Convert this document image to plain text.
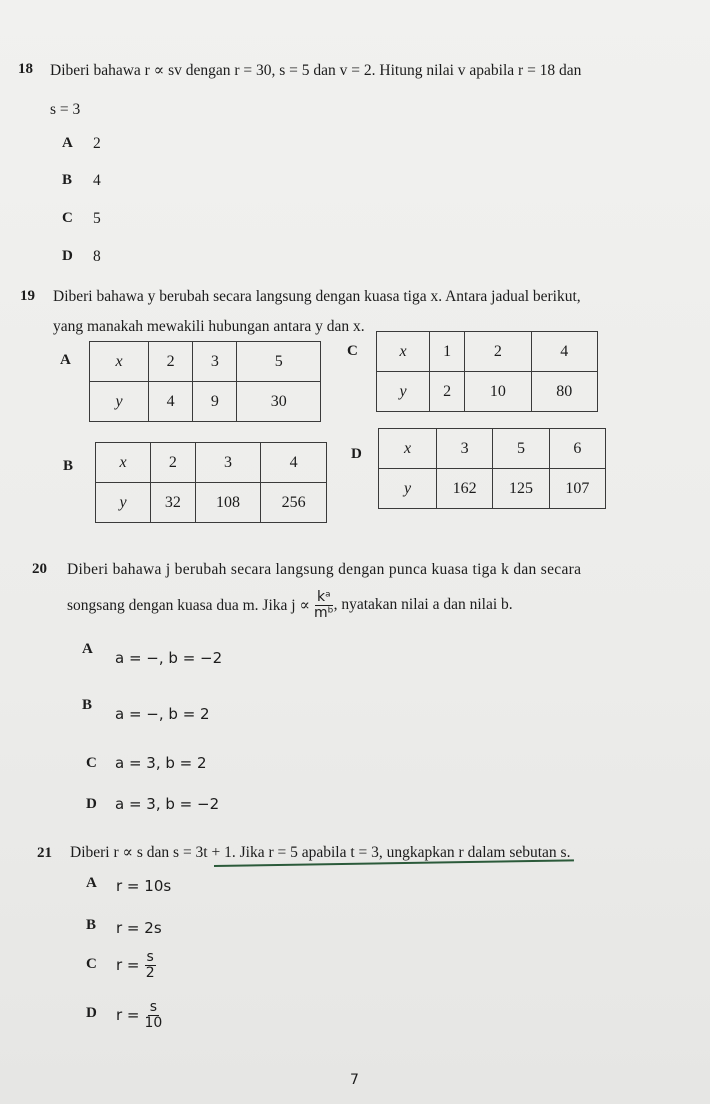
18 Diberi bahawa r ∝ sv dengan r = 30, s = 5 dan v = 2. Hitung nilai v apabila r = 18 dan
s = 3
A 2
B 4
C 5
D 8
19 Diberi bahawa y berubah secara langsung dengan kuasa tiga x. Antara jadual berikut,
yang manakah mewakili hubungan antara y dan x.
A	x	2	3	5
y	4	9	30
C	x	1	2	4
y	2	10	80
B	x	2	3	4
y	32	108	256
D	x	3	5	6
y	162	125	107
20 Diberi bahawa j berubah secara langsung dengan punca kuasa tiga k dan secara
songsang dengan kuasa dua m. Jika $j \propto \frac{\text{kᵃ}}{\text{mᵇ}}$ , nyatakan nilai a dan nilai b.
A a = −, b = −2
B a = −, b = 2
C a = 3, b = 2
D a = 3, b = −2
21 Diberi r ∝ s dan s = 3t + 1. Jika r = 5 apabila t = 3, ungkapkan r dalam sebutan s.
A r = 10s
B r = 2s
C $r = \frac{s}{2}$
D $r = \frac{s}{10}$
7
